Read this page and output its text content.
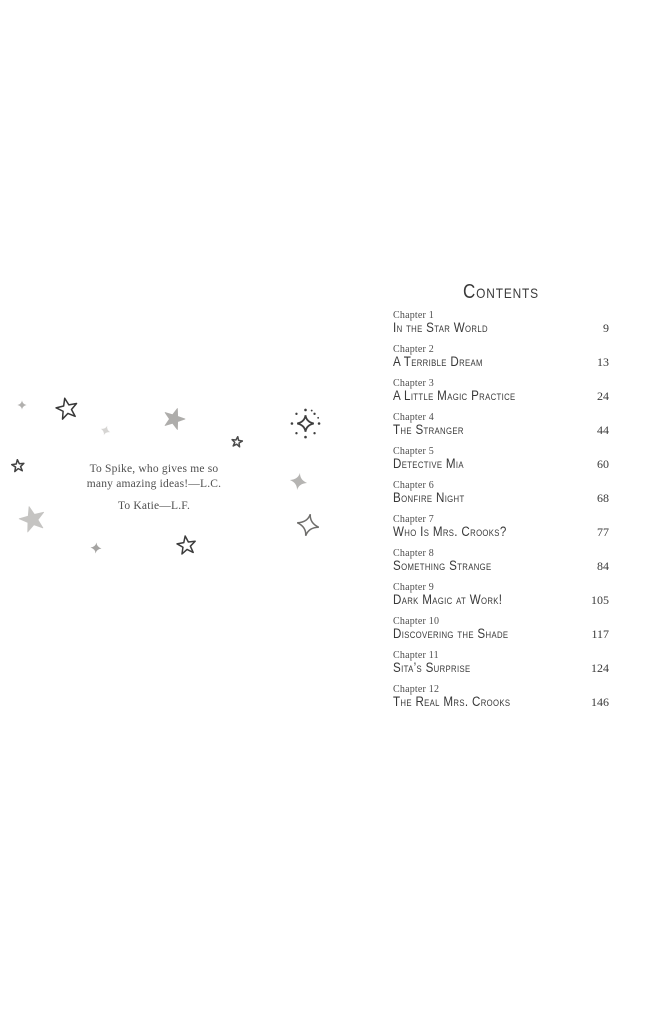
To Spike, who gives me so
many amazing ideas!—L.C.
To Katie—L.F.
Contents
Chapter 1
In the Star World	9
Chapter 2
A Terrible Dream	13
Chapter 3
A Little Magic Practice	24
Chapter 4
The Stranger	44
Chapter 5
Detective Mia	60
Chapter 6
Bonfire Night	68
Chapter 7
Who Is Mrs. Crooks?	77
Chapter 8
Something Strange	84
Chapter 9
Dark Magic at Work!	105
Chapter 10
Discovering the Shade	117
Chapter 11
Sita’s Surprise	124
Chapter 12
The Real Mrs. Crooks	146
